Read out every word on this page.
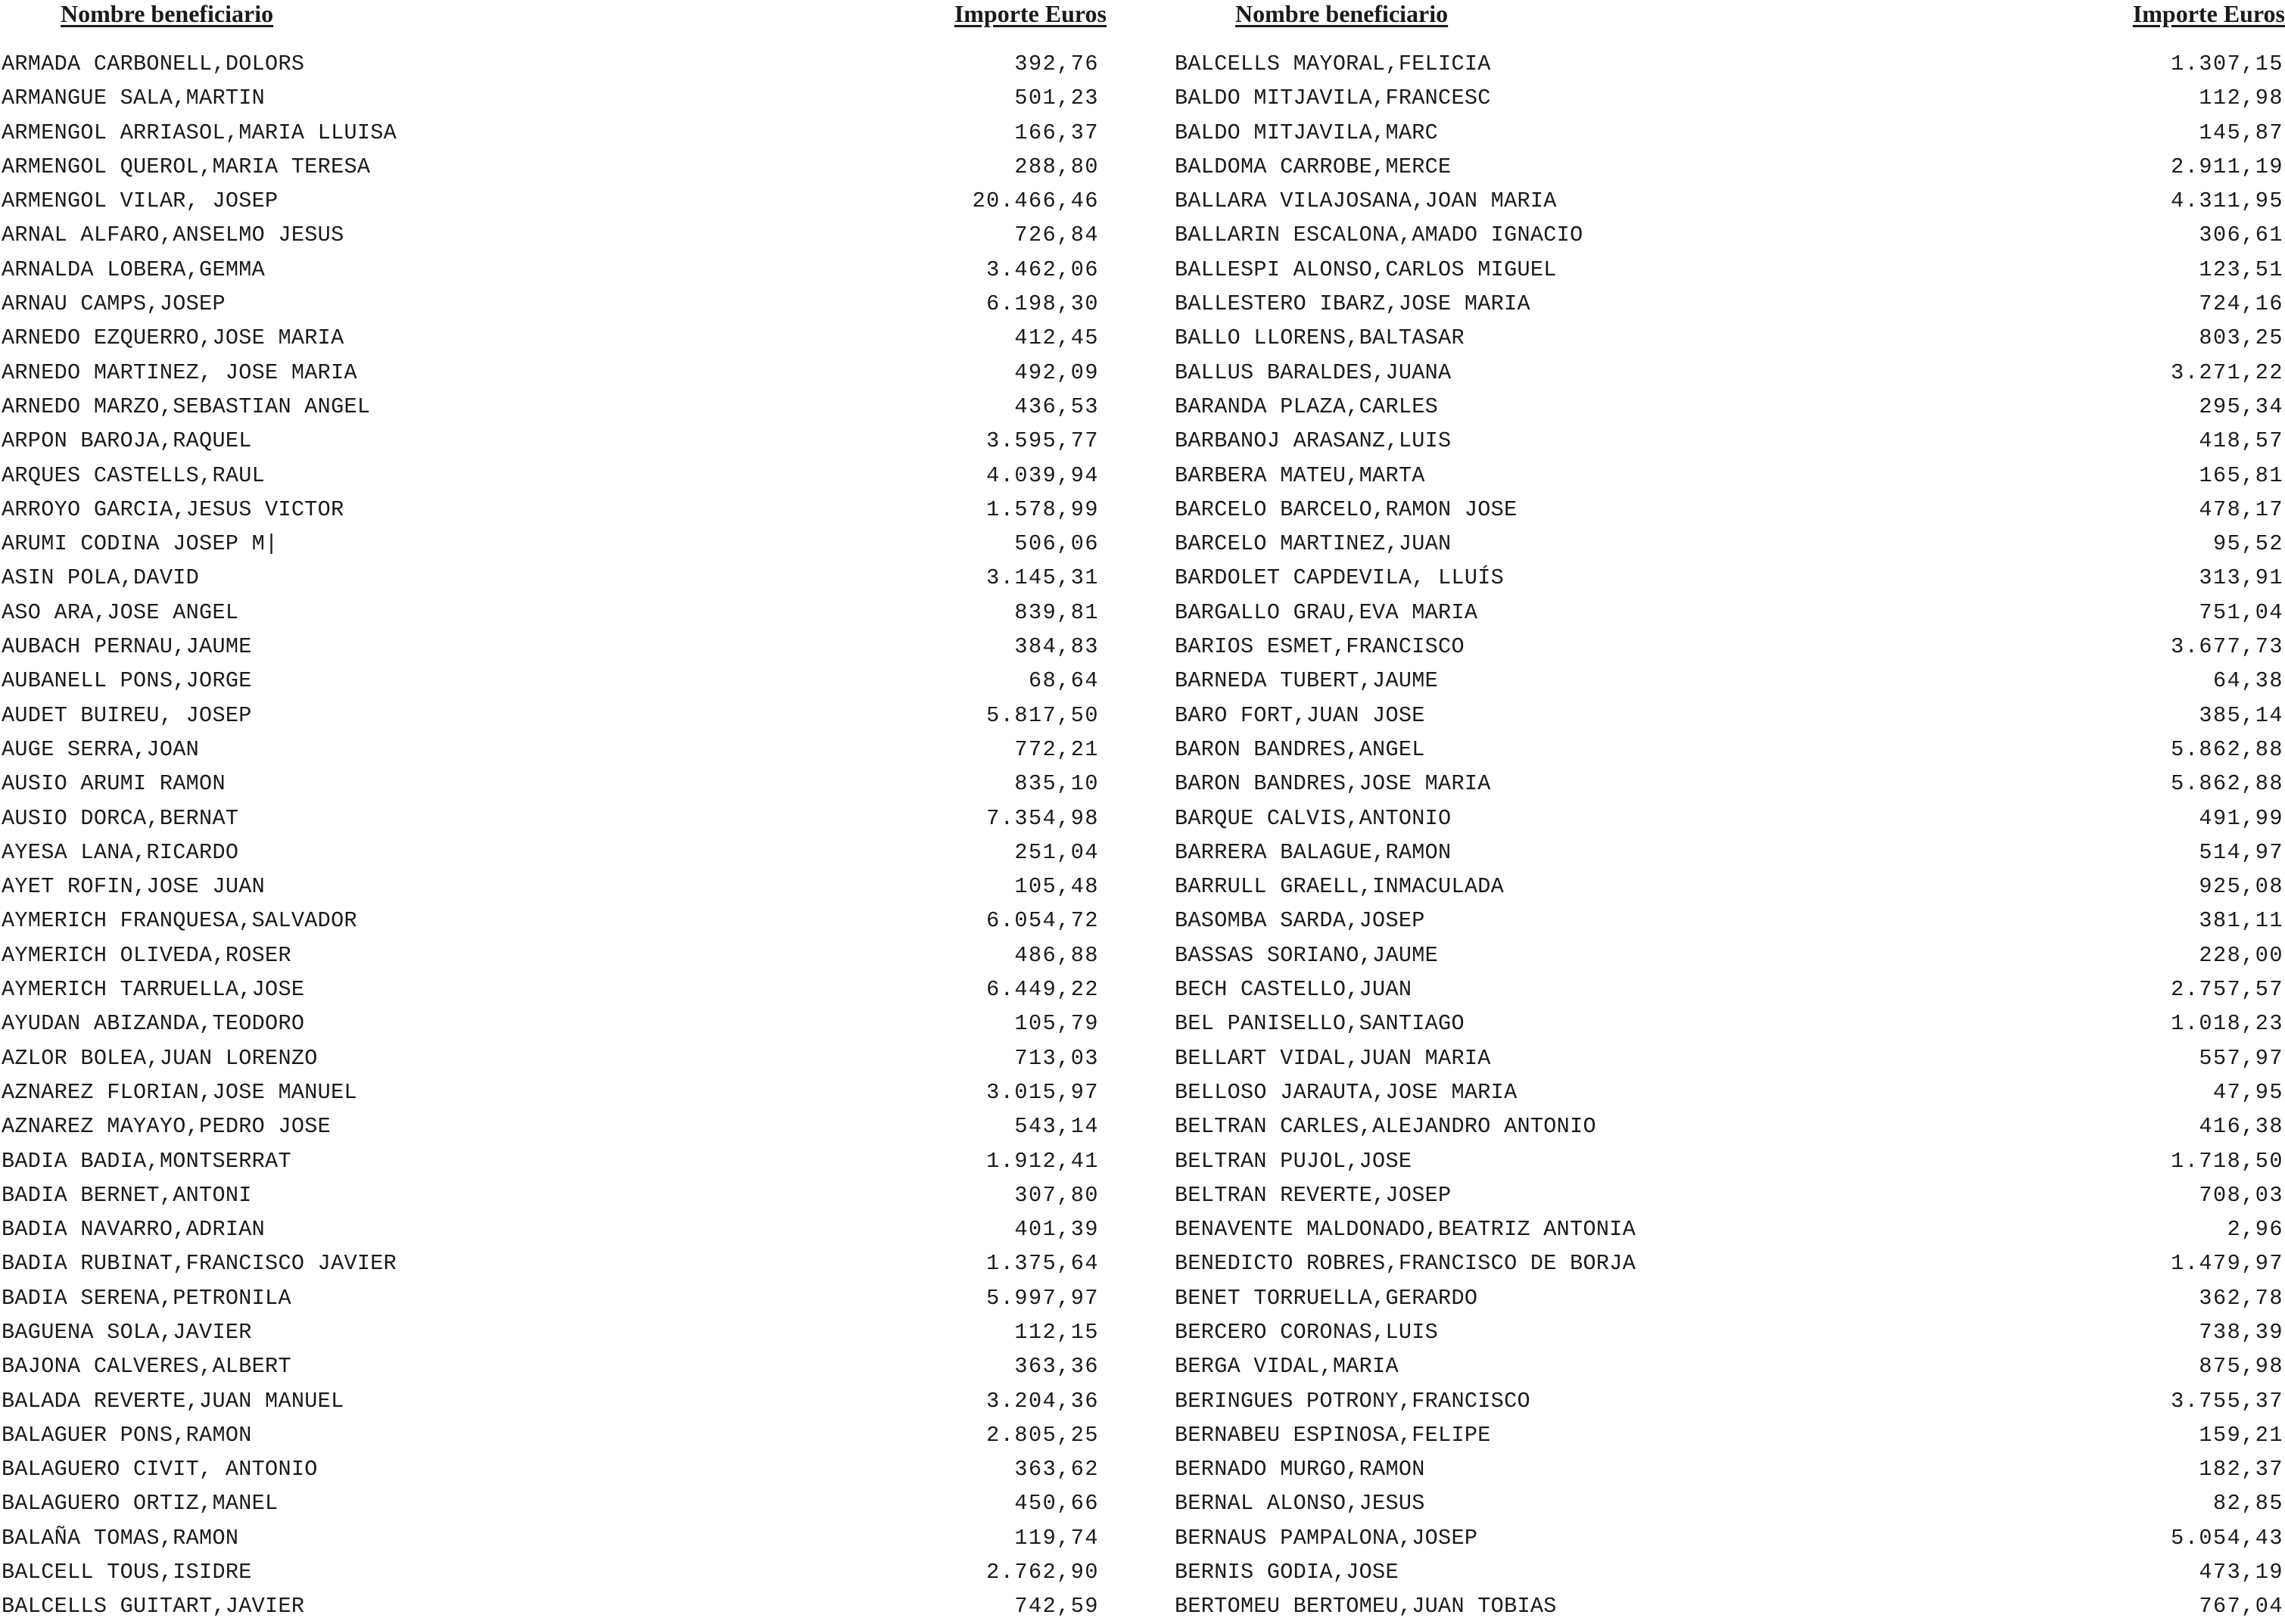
Nombre beneficiario	Importe Euros
ARMADA CARBONELL,DOLORS	392,76
ARMANGUE SALA,MARTIN	501,23
ARMENGOL ARRIASOL,MARIA LLUISA	166,37
ARMENGOL QUEROL,MARIA TERESA	288,80
ARMENGOL VILAR, JOSEP	20.466,46
ARNAL ALFARO,ANSELMO JESUS	726,84
ARNALDA LOBERA,GEMMA	3.462,06
ARNAU CAMPS,JOSEP	6.198,30
ARNEDO EZQUERRO,JOSE MARIA	412,45
ARNEDO MARTINEZ, JOSE MARIA	492,09
ARNEDO MARZO,SEBASTIAN ANGEL	436,53
ARPON BAROJA,RAQUEL	3.595,77
ARQUES CASTELLS,RAUL	4.039,94
ARROYO GARCIA,JESUS VICTOR	1.578,99
ARUMI CODINA JOSEP M|	506,06
ASIN POLA,DAVID	3.145,31
ASO ARA,JOSE ANGEL	839,81
AUBACH PERNAU,JAUME	384,83
AUBANELL PONS,JORGE	68,64
AUDET BUIREU, JOSEP	5.817,50
AUGE SERRA,JOAN	772,21
AUSIO ARUMI RAMON	835,10
AUSIO DORCA,BERNAT	7.354,98
AYESA LANA,RICARDO	251,04
AYET ROFIN,JOSE JUAN	105,48
AYMERICH FRANQUESA,SALVADOR	6.054,72
AYMERICH OLIVEDA,ROSER	486,88
AYMERICH TARRUELLA,JOSE	6.449,22
AYUDAN ABIZANDA,TEODORO	105,79
AZLOR BOLEA,JUAN LORENZO	713,03
AZNAREZ FLORIAN,JOSE MANUEL	3.015,97
AZNAREZ MAYAYO,PEDRO JOSE	543,14
BADIA BADIA,MONTSERRAT	1.912,41
BADIA BERNET,ANTONI	307,80
BADIA NAVARRO,ADRIAN	401,39
BADIA RUBINAT,FRANCISCO JAVIER	1.375,64
BADIA SERENA,PETRONILA	5.997,97
BAGUENA SOLA,JAVIER	112,15
BAJONA CALVERES,ALBERT	363,36
BALADA REVERTE,JUAN MANUEL	3.204,36
BALAGUER PONS,RAMON	2.805,25
BALAGUERO CIVIT, ANTONIO	363,62
BALAGUERO ORTIZ,MANEL	450,66
BALAÑA TOMAS,RAMON	119,74
BALCELL TOUS,ISIDRE	2.762,90
BALCELLS GUITART,JAVIER	742,59
Nombre beneficiario	Importe Euros
BALCELLS MAYORAL,FELICIA	1.307,15
BALDO MITJAVILA,FRANCESC	112,98
BALDO MITJAVILA,MARC	145,87
BALDOMA CARROBE,MERCE	2.911,19
BALLARA VILAJOSANA,JOAN MARIA	4.311,95
BALLARIN ESCALONA,AMADO IGNACIO	306,61
BALLESPI ALONSO,CARLOS MIGUEL	123,51
BALLESTERO IBARZ,JOSE MARIA	724,16
BALLO LLORENS,BALTASAR	803,25
BALLUS BARALDES,JUANA	3.271,22
BARANDA PLAZA,CARLES	295,34
BARBANOJ ARASANZ,LUIS	418,57
BARBERA MATEU,MARTA	165,81
BARCELO BARCELO,RAMON JOSE	478,17
BARCELO MARTINEZ,JUAN	95,52
BARDOLET CAPDEVILA, LLUÍS	313,91
BARGALLO GRAU,EVA MARIA	751,04
BARIOS ESMET,FRANCISCO	3.677,73
BARNEDA TUBERT,JAUME	64,38
BARO FORT,JUAN JOSE	385,14
BARON BANDRES,ANGEL	5.862,88
BARON BANDRES,JOSE MARIA	5.862,88
BARQUE CALVIS,ANTONIO	491,99
BARRERA BALAGUE,RAMON	514,97
BARRULL GRAELL,INMACULADA	925,08
BASOMBA SARDA,JOSEP	381,11
BASSAS SORIANO,JAUME	228,00
BECH CASTELLO,JUAN	2.757,57
BEL PANISELLO,SANTIAGO	1.018,23
BELLART VIDAL,JUAN MARIA	557,97
BELLOSO JARAUTA,JOSE MARIA	47,95
BELTRAN CARLES,ALEJANDRO ANTONIO	416,38
BELTRAN PUJOL,JOSE	1.718,50
BELTRAN REVERTE,JOSEP	708,03
BENAVENTE MALDONADO,BEATRIZ ANTONIA	2,96
BENEDICTO ROBRES,FRANCISCO DE BORJA	1.479,97
BENET TORRUELLA,GERARDO	362,78
BERCERO CORONAS,LUIS	738,39
BERGA VIDAL,MARIA	875,98
BERINGUES POTRONY,FRANCISCO	3.755,37
BERNABEU ESPINOSA,FELIPE	159,21
BERNADO MURGO,RAMON	182,37
BERNAL ALONSO,JESUS	82,85
BERNAUS PAMPALONA,JOSEP	5.054,43
BERNIS GODIA,JOSE	473,19
BERTOMEU BERTOMEU,JUAN TOBIAS	767,04
